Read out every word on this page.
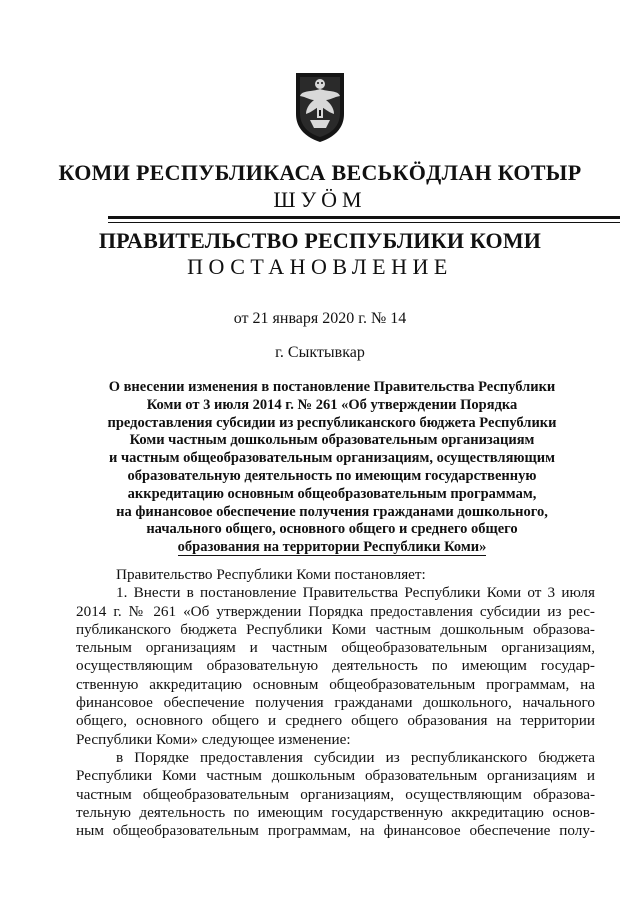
КОМИ РЕСПУБЛИКАСА ВЕСЬКӦДЛАН КОТЫР
ШУӦМ
ПРАВИТЕЛЬСТВО РЕСПУБЛИКИ КОМИ
ПОСТАНОВЛЕНИЕ
от 21 января 2020 г. № 14
г. Сыктывкар
О внесении изменения в постановление Правительства Республики
Коми от 3 июля 2014 г. № 261 «Об утверждении Порядка
предоставления субсидии из республиканского бюджета Республики
Коми частным дошкольным образовательным организациям
и частным общеобразовательным организациям, осуществляющим
образовательную деятельность по имеющим государственную
аккредитацию основным общеобразовательным программам,
на финансовое обеспечение получения гражданами дошкольного,
начального общего, основного общего и среднего общего
образования на территории Республики Коми»
Правительство Республики Коми постановляет:
1. Внести в постановление Правительства Республики Коми от 3 июля
2014 г. № 261 «Об утверждении Порядка предоставления субсидии из рес-
публиканского бюджета Республики Коми частным дошкольным образова-
тельным организациям и частным общеобразовательным организациям,
осуществляющим образовательную деятельность по имеющим государ-
ственную аккредитацию основным общеобразовательным программам, на
финансовое обеспечение получения гражданами дошкольного, начального
общего, основного общего и среднего общего образования на территории
Республики Коми» следующее изменение:
в Порядке предоставления субсидии из республиканского бюджета
Республики Коми частным дошкольным образовательным организациям и
частным общеобразовательным организациям, осуществляющим образова-
тельную деятельность по имеющим государственную аккредитацию основ-
ным общеобразовательным программам, на финансовое обеспечение полу-
